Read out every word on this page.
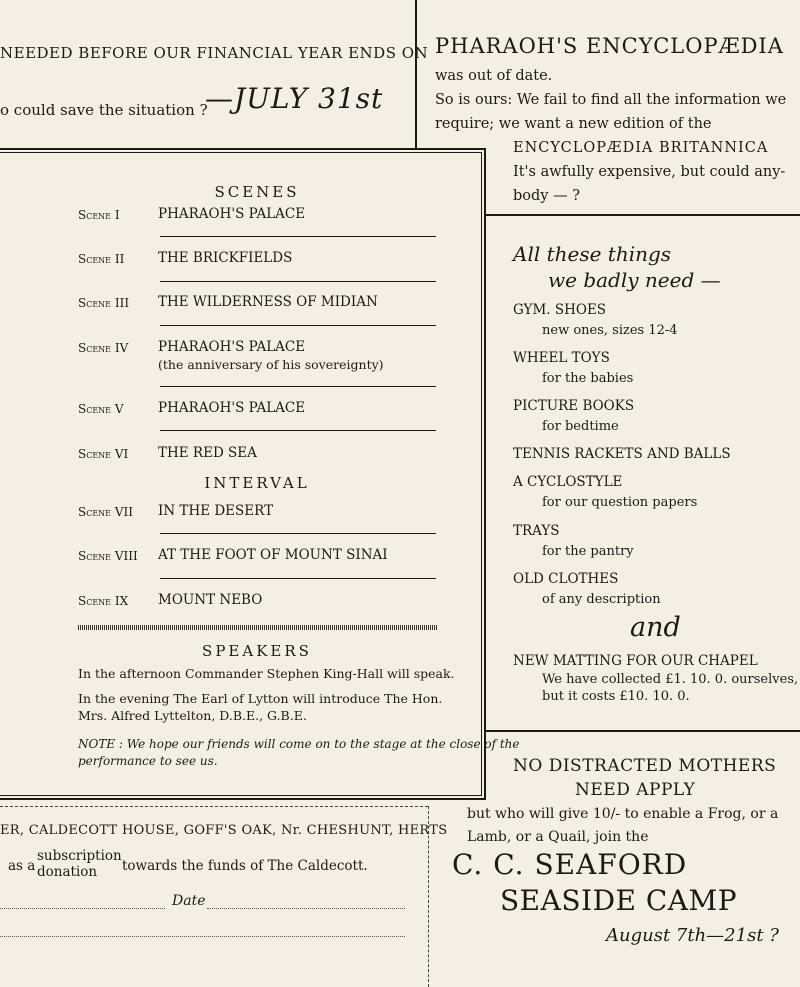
NEEDED BEFORE OUR FINANCIAL YEAR ENDS ON
o could save the situation ?
—JULY 31st
PHARAOH'S ENCYCLOPÆDIA
was out of date.
So is ours: We fail to find all the information we
require; we want a new edition of the
ENCYCLOPÆDIA BRITANNICA
It's awfully expensive, but could any-
body — ?
SCENES
Scene I	PHARAOH'S PALACE
Scene II THE BRICKFIELDS
Scene III THE WILDERNESS OF MIDIAN
Scene IV PHARAOH'S PALACE
(the anniversary of his sovereignty)
Scene V	PHARAOH'S PALACE
Scene VI THE RED SEA
INTERVAL
Scene VII IN THE DESERT
Scene VIII AT THE FOOT OF MOUNT SINAI
Scene IX MOUNT NEBO
SPEAKERS
In the afternoon Commander Stephen King-Hall will speak.
In the evening The Earl of Lytton will introduce The Hon.
Mrs. Alfred Lyttelton, D.B.E., G.B.E.
NOTE : We hope our friends will come on to the stage at the close of the
performance to see us.
All these things
we badly need —
GYM. SHOES
new ones, sizes 12-4
WHEEL TOYS
for the babies
PICTURE BOOKS
for bedtime
TENNIS RACKETS AND BALLS
A CYCLOSTYLE
for our question papers
TRAYS
for the pantry
OLD CLOTHES
of any description
and
NEW MATTING FOR OUR CHAPEL
We have collected £1. 10. 0. ourselves,
but it costs £10. 10. 0.
NO DISTRACTED MOTHERS
NEED APPLY
but who will give 10/- to enable a Frog, or a
Lamb, or a Quail, join the
C. C. SEAFORD
SEASIDE CAMP
August 7th—21st ?
ER, CALDECOTT HOUSE, GOFF'S OAK, Nr. CHESHUNT, HERTS
as a
subscription
donation towards the funds of The Caldecott.
Date
